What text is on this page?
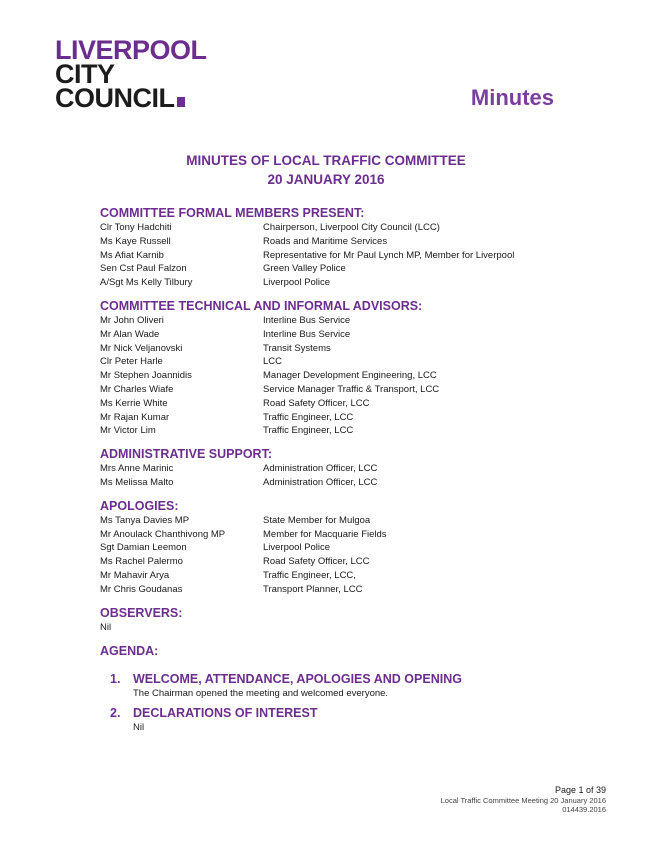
LIVERPOOL
CITY
COUNCIL	Minutes
MINUTES OF LOCAL TRAFFIC COMMITTEE
20 JANUARY 2016
COMMITTEE FORMAL MEMBERS PRESENT:
Clr Tony Hadchiti	Chairperson, Liverpool City Council (LCC)
Ms Kaye Russell	Roads and Maritime Services
Ms Afiat Karnib	Representative for Mr Paul Lynch MP, Member for Liverpool
Sen Cst Paul Falzon	Green Valley Police
A/Sgt Ms Kelly Tilbury	Liverpool Police
COMMITTEE TECHNICAL AND INFORMAL ADVISORS:
Mr John Oliveri	Interline Bus Service
Mr Alan Wade	Interline Bus Service
Mr Nick Veljanovski	Transit Systems
Clr Peter Harle	LCC
Mr Stephen Joannidis	Manager Development Engineering, LCC
Mr Charles Wiafe	Service Manager Traffic & Transport, LCC
Ms Kerrie White	Road Safety Officer, LCC
Mr Rajan Kumar	Traffic Engineer, LCC
Mr Victor Lim	Traffic Engineer, LCC
ADMINISTRATIVE SUPPORT:
Mrs Anne Marinic	Administration Officer, LCC
Ms Melissa Malto	Administration Officer, LCC
APOLOGIES:
Ms Tanya Davies MP	State Member for Mulgoa
Mr Anoulack Chanthivong MP	Member for Macquarie Fields
Sgt Damian Leemon	Liverpool Police
Ms Rachel Palermo	Road Safety Officer, LCC
Mr Mahavir Arya	Traffic Engineer, LCC,
Mr Chris Goudanas	Transport Planner, LCC
OBSERVERS:
Nil
AGENDA:
1.	WELCOME, ATTENDANCE, APOLOGIES AND OPENING
The Chairman opened the meeting and welcomed everyone.
2.	DECLARATIONS OF INTEREST
Nil
Page 1 of 39
Local Traffic Committee Meeting 20 January 2016
014439.2016
